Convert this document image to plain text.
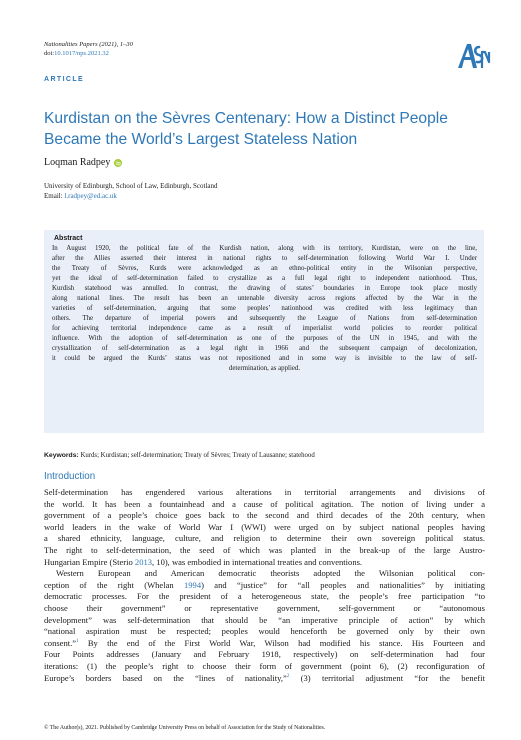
Nationalities Papers (2021), 1–30
doi:10.1017/nps.2021.32
ARTICLE
Kurdistan on the Sèvres Centenary: How a Distinct People
Became the World’s Largest Stateless Nation
Loqman Radpey
University of Edinburgh, School of Law, Edinburgh, Scotland
Email: l.radpey@ed.ac.uk
Abstract
In August 1920, the political fate of the Kurdish nation, along with its territory, Kurdistan, were on the line,
after the Allies asserted their interest in national rights to self-determination following World War I. Under
the Treaty of Sèvres, Kurds were acknowledged as an ethno-political entity in the Wilsonian perspective,
yet the ideal of self-determination failed to crystallize as a full legal right to independent nationhood. Thus,
Kurdish statehood was annulled. In contrast, the drawing of states’ boundaries in Europe took place mostly
along national lines. The result has been an untenable diversity across regions affected by the War in the
varieties of self-determination, arguing that some peoples’ nationhood was credited with less legitimacy than
others. The departure of imperial powers and subsequently the League of Nations from self-determination
for achieving territorial independence came as a result of imperialist world policies to reorder political
influence. With the adoption of self-determination as one of the purposes of the UN in 1945, and with the
crystallization of self-determination as a legal right in 1966 and the subsequent campaign of decolonization,
it could be argued the Kurds’ status was not repositioned and in some way is invisible to the law of self-
determination, as applied.
Keywords: Kurds; Kurdistan; self-determination; Treaty of Sèvres; Treaty of Lausanne; statehood
Introduction
Self-determination has engendered various alterations in territorial arrangements and divisions of
the world. It has been a fountainhead and a cause of political agitation. The notion of living under a
government of a people’s choice goes back to the second and third decades of the 20th century, when
world leaders in the wake of World War I (WWI) were urged on by subject national peoples having
a shared ethnicity, language, culture, and religion to determine their own sovereign political status.
The right to self-determination, the seed of which was planted in the break-up of the large Austro-
Hungarian Empire (Sterio 2013, 10), was embodied in international treaties and conventions.
Western European and American democratic theorists adopted the Wilsonian political con-
ception of the right (Whelan 1994) and “justice” for “all peoples and nationalities” by initiating
democratic processes. For the president of a heterogeneous state, the people’s free participation “to
choose their government” or representative government, self-government or “autonomous
development” was self-determination that should be “an imperative principle of action” by which
“national aspiration must be respected; peoples would henceforth be governed only by their own
consent.”$^1$ By the end of the First World War, Wilson had modified his stance. His Fourteen and
Four Points addresses (January and February 1918, respectively) on self-determination had four
iterations: (1) the people’s right to choose their form of government (point 6), (2) reconfiguration of
Europe’s borders based on the “lines of nationality,”$^2$ (3) territorial adjustment “for the benefit
© The Author(s), 2021. Published by Cambridge University Press on behalf of Association for the Study of Nationalities.
